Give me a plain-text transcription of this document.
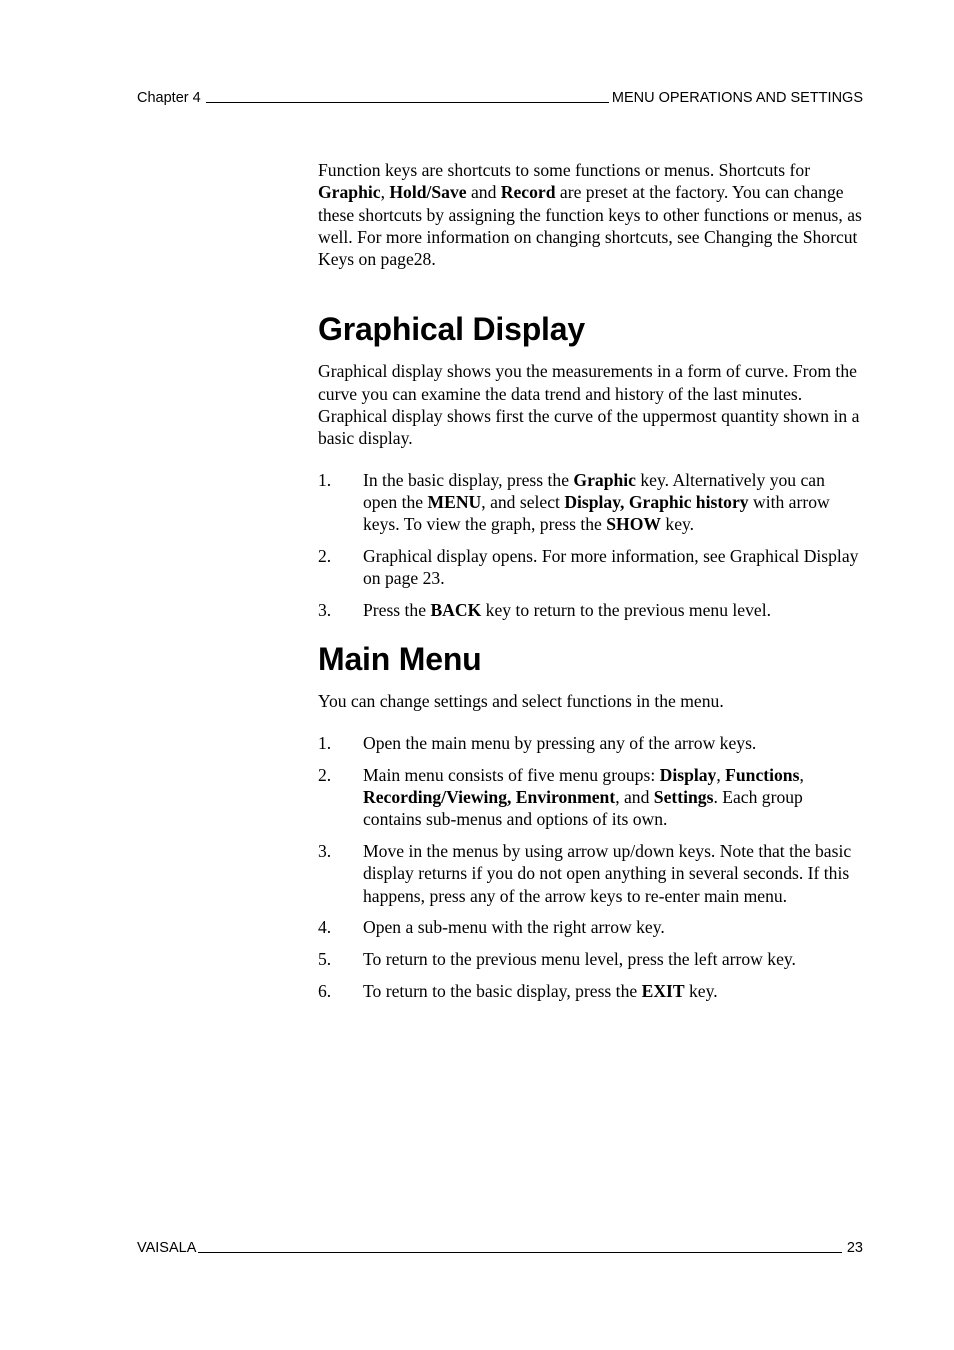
Chapter 4	MENU OPERATIONS AND SETTINGS

Function keys are shortcuts to some functions or menus. Shortcuts for Graphic, Hold/Save and Record are preset at the factory. You can change these shortcuts by assigning the function keys to other functions or menus, as well. For more information on changing shortcuts, see Changing the Shorcut Keys on page28.

Graphical Display

Graphical display shows you the measurements in a form of curve. From the curve you can examine the data trend and history of the last minutes. Graphical display shows first the curve of the uppermost quantity shown in a basic display.

1. In the basic display, press the Graphic key. Alternatively you can open the MENU, and select Display, Graphic history with arrow keys. To view the graph, press the SHOW key.
2. Graphical display opens. For more information, see Graphical Display on page 23.
3. Press the BACK key to return to the previous menu level.
Main Menu

You can change settings and select functions in the menu.

1. Open the main menu by pressing any of the arrow keys.
2. Main menu consists of five menu groups: Display, Functions, Recording/Viewing, Environment, and Settings. Each group contains sub-menus and options of its own.
3. Move in the menus by using arrow up/down keys. Note that the basic display returns if you do not open anything in several seconds. If this happens, press any of the arrow keys to re-enter main menu.
4. Open a sub-menu with the right arrow key.
5. To return to the previous menu level, press the left arrow key.
6. To return to the basic display, press the EXIT key.
VAISALA	23
